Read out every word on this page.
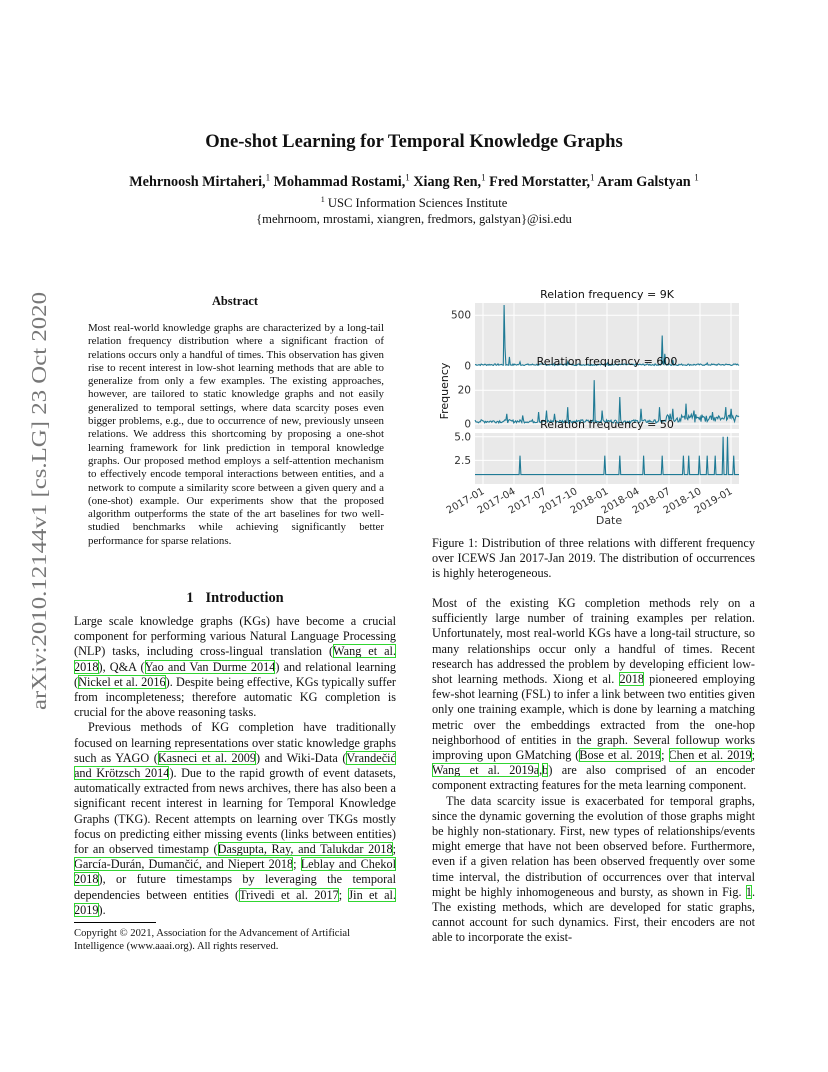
arXiv:2010.12144v1 [cs.LG] 23 Oct 2020
One-shot Learning for Temporal Knowledge Graphs
Mehrnoosh Mirtaheri,$^1$ Mohammad Rostami,$^1$ Xiang Ren,$^1$ Fred Morstatter,$^1$ Aram Galstyan $^1$
$^1$ USC Information Sciences Institute
{mehrnoom, mrostami, xiangren, fredmors, galstyan}@isi.edu
Abstract
Most real-world knowledge graphs are characterized by a long-tail relation frequency distribution where a significant fraction of relations occurs only a handful of times. This observation has given rise to recent interest in low-shot learning methods that are able to generalize from only a few examples. The existing approaches, however, are tailored to static knowledge graphs and not easily generalized to temporal settings, where data scarcity poses even bigger problems, e.g., due to occurrence of new, previously unseen relations. We address this shortcoming by proposing a one-shot learning framework for link prediction in temporal knowledge graphs. Our proposed method employs a self-attention mechanism to effectively encode temporal interactions between entities, and a network to compute a similarity score between a given query and a (one-shot) example. Our experiments show that the proposed algorithm outperforms the state of the art baselines for two well-studied benchmarks while achieving significantly better performance for sparse relations.
1 Introduction

Large scale knowledge graphs (KGs) have become a crucial component for performing various Natural Language Processing (NLP) tasks, including cross-lingual translation (Wang et al. 2018), Q&A (Yao and Van Durme 2014) and relational learning (Nickel et al. 2016). Despite being effective, KGs typically suffer from incompleteness; therefore automatic KG completion is crucial for the above reasoning tasks.

Previous methods of KG completion have traditionally focused on learning representations over static knowledge graphs such as YAGO (Kasneci et al. 2009) and Wiki-Data (Vrandečić and Krötzsch 2014). Due to the rapid growth of event datasets, automatically extracted from news archives, there has also been a significant recent interest in learning for Temporal Knowledge Graphs (TKG). Recent attempts on learning over TKGs mostly focus on predicting either missing events (links between entities) for an observed timestamp (Dasgupta, Ray, and Talukdar 2018; García-Durán, Dumančić, and Niepert 2018; Leblay and Chekol 2018), or future timestamps by leveraging the temporal dependencies between entities (Trivedi et al. 2017; Jin et al. 2019).

Copyright © 2021, Association for the Advancement of Artificial Intelligence (www.aaai.org). All rights reserved.
500
0
Relation frequency = 9K
20
0
Relation frequency = 600
5.0
2.5
Relation frequency = 50
2017-01
2017-04
2017-07
2017-10
2018-01
2018-04
2018-07
2018-10
2019-01
Date
Frequency
Figure 1: Distribution of three relations with different frequency over ICEWS Jan 2017-Jan 2019. The distribution of occurrences is highly heterogeneous.

Most of the existing KG completion methods rely on a sufficiently large number of training examples per relation. Unfortunately, most real-world KGs have a long-tail structure, so many relationships occur only a handful of times. Recent research has addressed the problem by developing efficient low-shot learning methods. Xiong et al. 2018 pioneered employing few-shot learning (FSL) to infer a link between two entities given only one training example, which is done by learning a matching metric over the embeddings extracted from the one-hop neighborhood of entities in the graph. Several followup works improving upon GMatching (Bose et al. 2019; Chen et al. 2019; Wang et al. 2019a,b) are also comprised of an encoder component extracting features for the meta learning component.

The data scarcity issue is exacerbated for temporal graphs, since the dynamic governing the evolution of those graphs might be highly non-stationary. First, new types of relationships/events might emerge that have not been observed before. Furthermore, even if a given relation has been observed frequently over some time interval, the distribution of occurrences over that interval might be highly inhomogeneous and bursty, as shown in Fig. 1. The existing methods, which are developed for static graphs, cannot account for such dynamics. First, their encoders are not able to incorporate the exist-
